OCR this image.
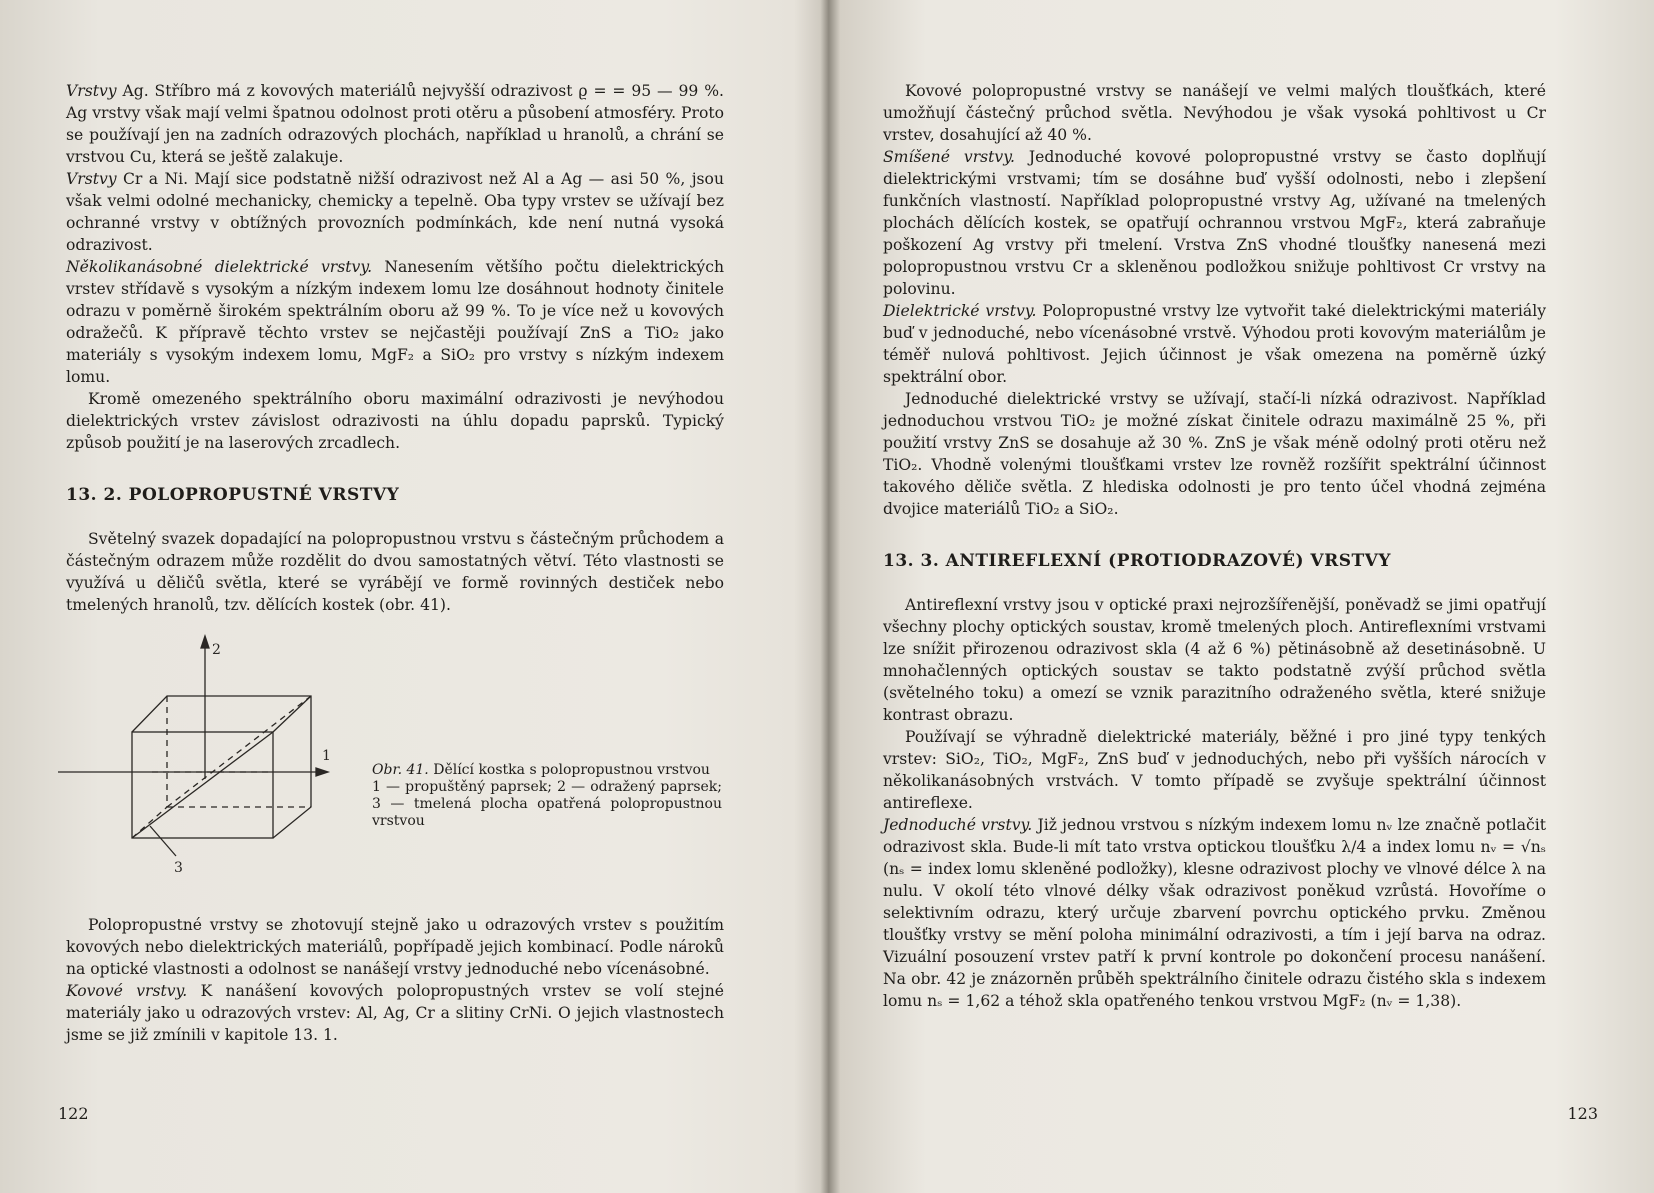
Vrstvy Ag. Stříbro má z kovových materiálů nejvyšší odrazivost ϱ = = 95 — 99 %. Ag vrstvy však mají velmi špatnou odolnost proti otěru a působení atmosféry. Proto se používají jen na zadních odrazových plochách, například u hranolů, a chrání se vrstvou Cu, která se ještě zalakuje.

Vrstvy Cr a Ni. Mají sice podstatně nižší odrazivost než Al a Ag — asi 50 %, jsou však velmi odolné mechanicky, chemicky a tepelně. Oba typy vrstev se užívají bez ochranné vrstvy v obtížných provozních podmínkách, kde není nutná vysoká odrazivost.

Několikanásobné dielektrické vrstvy. Nanesením většího počtu dielektrických vrstev střídavě s vysokým a nízkým indexem lomu lze dosáhnout hodnoty činitele odrazu v poměrně širokém spektrálním oboru až 99 %. To je více než u kovových odražečů. K přípravě těchto vrstev se nejčastěji používají ZnS a TiO₂ jako materiály s vysokým indexem lomu, MgF₂ a SiO₂ pro vrstvy s nízkým indexem lomu.

Kromě omezeného spektrálního oboru maximální odrazivosti je nevýhodou dielektrických vrstev závislost odrazivosti na úhlu dopadu paprsků. Typický způsob použití je na laserových zrcadlech.

13. 2. POLOPROPUSTNÉ VRSTVY

Světelný svazek dopadající na polopropustnou vrstvu s částečným průchodem a částečným odrazem může rozdělit do dvou samostatných větví. Této vlastnosti se využívá u děličů světla, které se vyrábějí ve formě rovinných destiček nebo tmelených hranolů, tzv. dělících kostek (obr. 41).

2
1
3
Obr. 41. Dělící kostka s polopropustnou vrstvou
1 — propuštěný paprsek; 2 — odražený paprsek; 3 — tmelená plocha opatřená polopropustnou vrstvou

Polopropustné vrstvy se zhotovují stejně jako u odrazových vrstev s použitím kovových nebo dielektrických materiálů, popřípadě jejich kombinací. Podle nároků na optické vlastnosti a odolnost se nanášejí vrstvy jednoduché nebo vícenásobné.

Kovové vrstvy. K nanášení kovových polopropustných vrstev se volí stejné materiály jako u odrazových vrstev: Al, Ag, Cr a slitiny CrNi. O jejich vlastnostech jsme se již zmínili v kapitole 13. 1.

122

Kovové polopropustné vrstvy se nanášejí ve velmi malých tloušťkách, které umožňují částečný průchod světla. Nevýhodou je však vysoká pohltivost u Cr vrstev, dosahující až 40 %.

Smíšené vrstvy. Jednoduché kovové polopropustné vrstvy se často doplňují dielektrickými vrstvami; tím se dosáhne buď vyšší odolnosti, nebo i zlepšení funkčních vlastností. Například polopropustné vrstvy Ag, užívané na tmelených plochách dělících kostek, se opatřují ochrannou vrstvou MgF₂, která zabraňuje poškození Ag vrstvy při tmelení. Vrstva ZnS vhodné tloušťky nanesená mezi polopropustnou vrstvu Cr a skleněnou podložkou snižuje pohltivost Cr vrstvy na polovinu.

Dielektrické vrstvy. Polopropustné vrstvy lze vytvořit také dielektrickými materiály buď v jednoduché, nebo vícenásobné vrstvě. Výhodou proti kovovým materiálům je téměř nulová pohltivost. Jejich účinnost je však omezena na poměrně úzký spektrální obor.

Jednoduché dielektrické vrstvy se užívají, stačí-li nízká odrazivost. Například jednoduchou vrstvou TiO₂ je možné získat činitele odrazu maximálně 25 %, při použití vrstvy ZnS se dosahuje až 30 %. ZnS je však méně odolný proti otěru než TiO₂. Vhodně volenými tloušťkami vrstev lze rovněž rozšířit spektrální účinnost takového děliče světla. Z hlediska odolnosti je pro tento účel vhodná zejména dvojice materiálů TiO₂ a SiO₂.

13. 3. ANTIREFLEXNÍ (PROTIODRAZOVÉ) VRSTVY

Antireflexní vrstvy jsou v optické praxi nejrozšířenější, poněvadž se jimi opatřují všechny plochy optických soustav, kromě tmelených ploch. Antireflexními vrstvami lze snížit přirozenou odrazivost skla (4 až 6 %) pětinásobně až desetinásobně. U mnohačlenných optických soustav se takto podstatně zvýší průchod světla (světelného toku) a omezí se vznik parazitního odraženého světla, které snižuje kontrast obrazu.

Používají se výhradně dielektrické materiály, běžné i pro jiné typy tenkých vrstev: SiO₂, TiO₂, MgF₂, ZnS buď v jednoduchých, nebo při vyšších nárocích v několikanásobných vrstvách. V tomto případě se zvyšuje spektrální účinnost antireflexe.

Jednoduché vrstvy. Již jednou vrstvou s nízkým indexem lomu nᵥ lze značně potlačit odrazivost skla. Bude-li mít tato vrstva optickou tloušťku λ/4 a index lomu nᵥ = √nₛ (nₛ = index lomu skleněné podložky), klesne odrazivost plochy ve vlnové délce λ na nulu. V okolí této vlnové délky však odrazivost poněkud vzrůstá. Hovoříme o selektivním odrazu, který určuje zbarvení povrchu optického prvku. Změnou tloušťky vrstvy se mění poloha minimální odrazivosti, a tím i její barva na odraz. Vizuální posouzení vrstev patří k první kontrole po dokončení procesu nanášení. Na obr. 42 je znázorněn průběh spektrálního činitele odrazu čistého skla s indexem lomu nₛ = 1,62 a téhož skla opatřeného tenkou vrstvou MgF₂ (nᵥ = 1,38).

123
